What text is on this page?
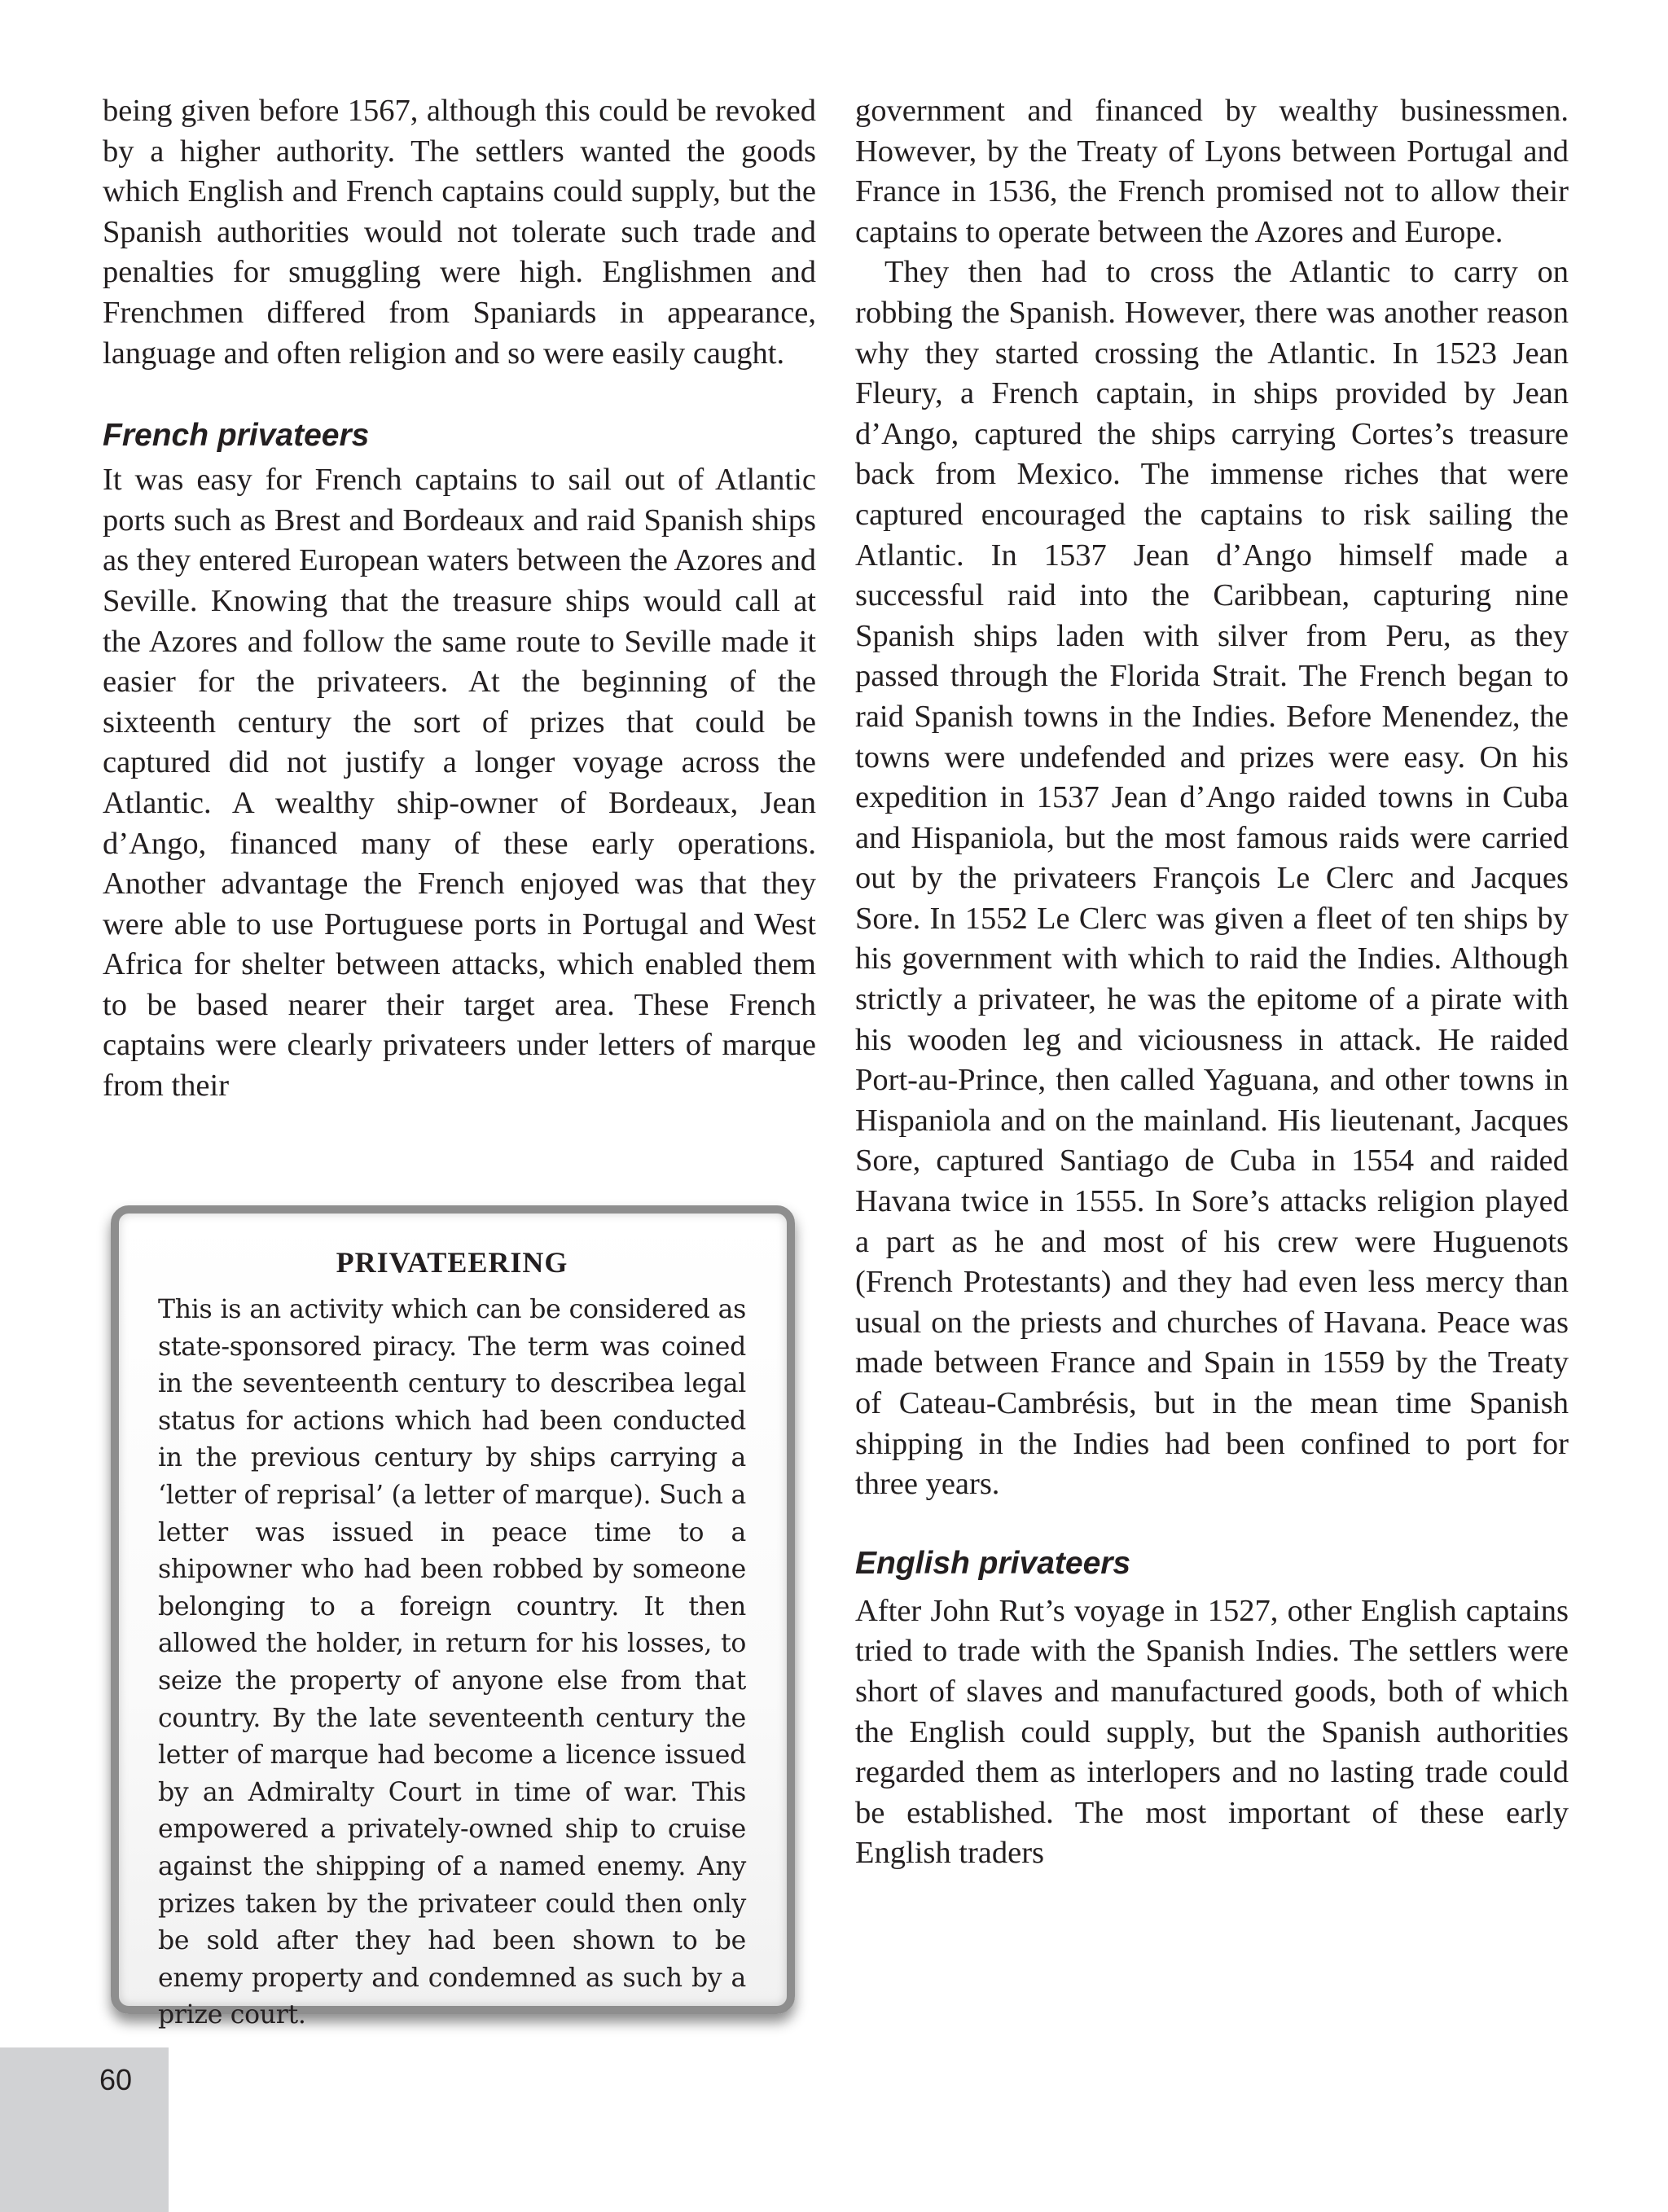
being given before 1567, although this could be revoked by a higher authority. The settlers wanted the goods which English and French captains could supply, but the Spanish authorities would not tolerate such trade and penalties for smuggling were high. Englishmen and Frenchmen differed from Spaniards in appearance, language and often religion and so were easily caught.

French privateers

It was easy for French captains to sail out of Atlantic ports such as Brest and Bordeaux and raid Spanish ships as they entered European waters between the Azores and Seville. Knowing that the treasure ships would call at the Azores and follow the same route to Seville made it easier for the privateers. At the beginning of the sixteenth century the sort of prizes that could be captured did not justify a longer voyage across the Atlantic. A wealthy ship-owner of Bordeaux, Jean d’Ango, financed many of these early operations. Another advantage the French enjoyed was that they were able to use Portuguese ports in Portugal and West Africa for shelter between attacks, which enabled them to be based nearer their target area. These French captains were clearly privateers under letters of marque from their

PRIVATEERING

This is an activity which can be considered as state-sponsored piracy. The term was coined in the seventeenth century to describea legal status for actions which had been conducted in the previous century by ships carrying a ‘letter of reprisal’ (a letter of marque). Such a letter was issued in peace time to a shipowner who had been robbed by someone belonging to a foreign country. It then allowed the holder, in return for his losses, to seize the property of anyone else from that country. By the late seventeenth century the letter of marque had become a licence issued by an Admiralty Court in time of war. This empowered a privately-owned ship to cruise against the shipping of a named enemy. Any prizes taken by the privateer could then only be sold after they had been shown to be enemy property and condemned as such by a prize court.

government and financed by wealthy businessmen. However, by the Treaty of Lyons between Portugal and France in 1536, the French promised not to allow their captains to operate between the Azores and Europe.

They then had to cross the Atlantic to carry on robbing the Spanish. However, there was another reason why they started crossing the Atlantic. In 1523 Jean Fleury, a French captain, in ships provided by Jean d’Ango, captured the ships carrying Cortes’s treasure back from Mexico. The immense riches that were captured encouraged the captains to risk sailing the Atlantic. In 1537 Jean d’Ango himself made a successful raid into the Caribbean, capturing nine Spanish ships laden with silver from Peru, as they passed through the Florida Strait. The French began to raid Spanish towns in the Indies. Before Menendez, the towns were undefended and prizes were easy. On his expedition in 1537 Jean d’Ango raided towns in Cuba and Hispaniola, but the most famous raids were carried out by the privateers François Le Clerc and Jacques Sore. In 1552 Le Clerc was given a fleet of ten ships by his government with which to raid the Indies. Although strictly a privateer, he was the epitome of a pirate with his wooden leg and viciousness in attack. He raided Port-au-Prince, then called Yaguana, and other towns in Hispaniola and on the mainland. His lieutenant, Jacques Sore, captured Santiago de Cuba in 1554 and raided Havana twice in 1555. In Sore’s attacks religion played a part as he and most of his crew were Huguenots (French Protestants) and they had even less mercy than usual on the priests and churches of Havana. Peace was made between France and Spain in 1559 by the Treaty of Cateau-Cambrésis, but in the mean time Spanish shipping in the Indies had been confined to port for three years.

English privateers

After John Rut’s voyage in 1527, other English captains tried to trade with the Spanish Indies. The settlers were short of slaves and manufactured goods, both of which the English could supply, but the Spanish authorities regarded them as interlopers and no lasting trade could be established. The most important of these early English traders

60
